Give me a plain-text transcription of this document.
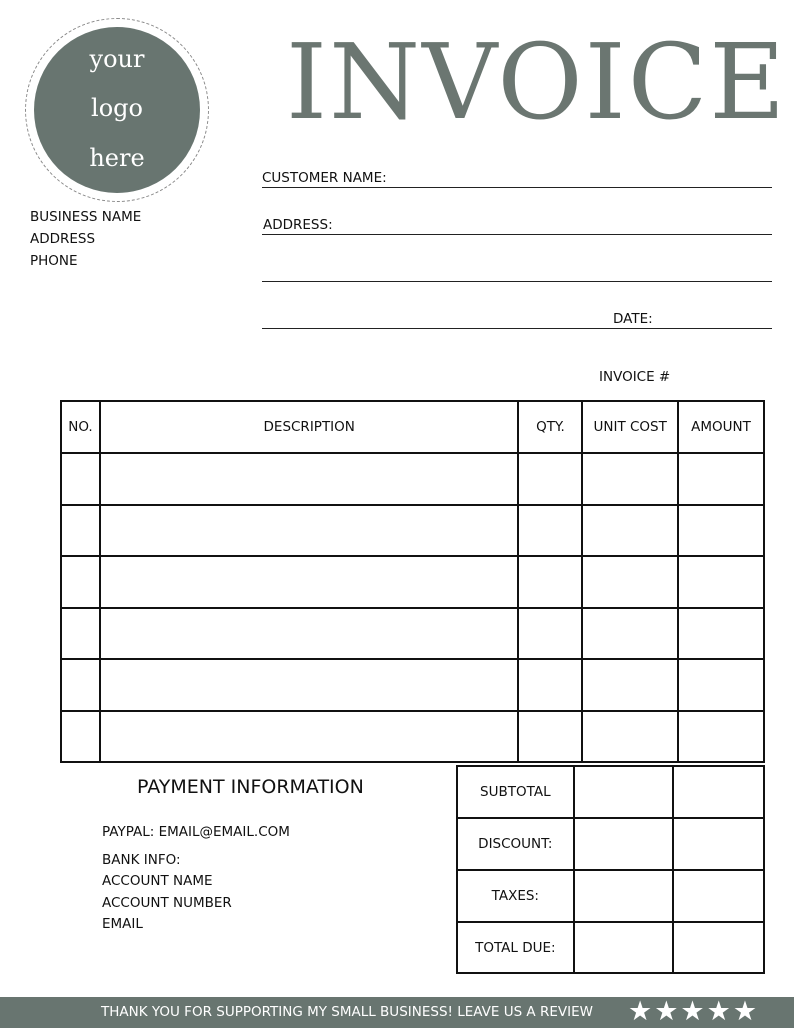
your
logo
here
BUSINESS NAME
ADDRESS
PHONE
INVOICE
CUSTOMER NAME:
ADDRESS:
DATE:
INVOICE #
NO.	DESCRIPTION	QTY.	UNIT COST	AMOUNT

PAYMENT INFORMATION
PAYPAL: EMAIL@EMAIL.COM
BANK INFO:
ACCOUNT NAME
ACCOUNT NUMBER
EMAIL
SUBTOTAL		
DISCOUNT:		
TAXES:		
TOTAL DUE:		
THANK YOU FOR SUPPORTING MY SMALL BUSINESS! LEAVE US A REVIEW ★★★★★
